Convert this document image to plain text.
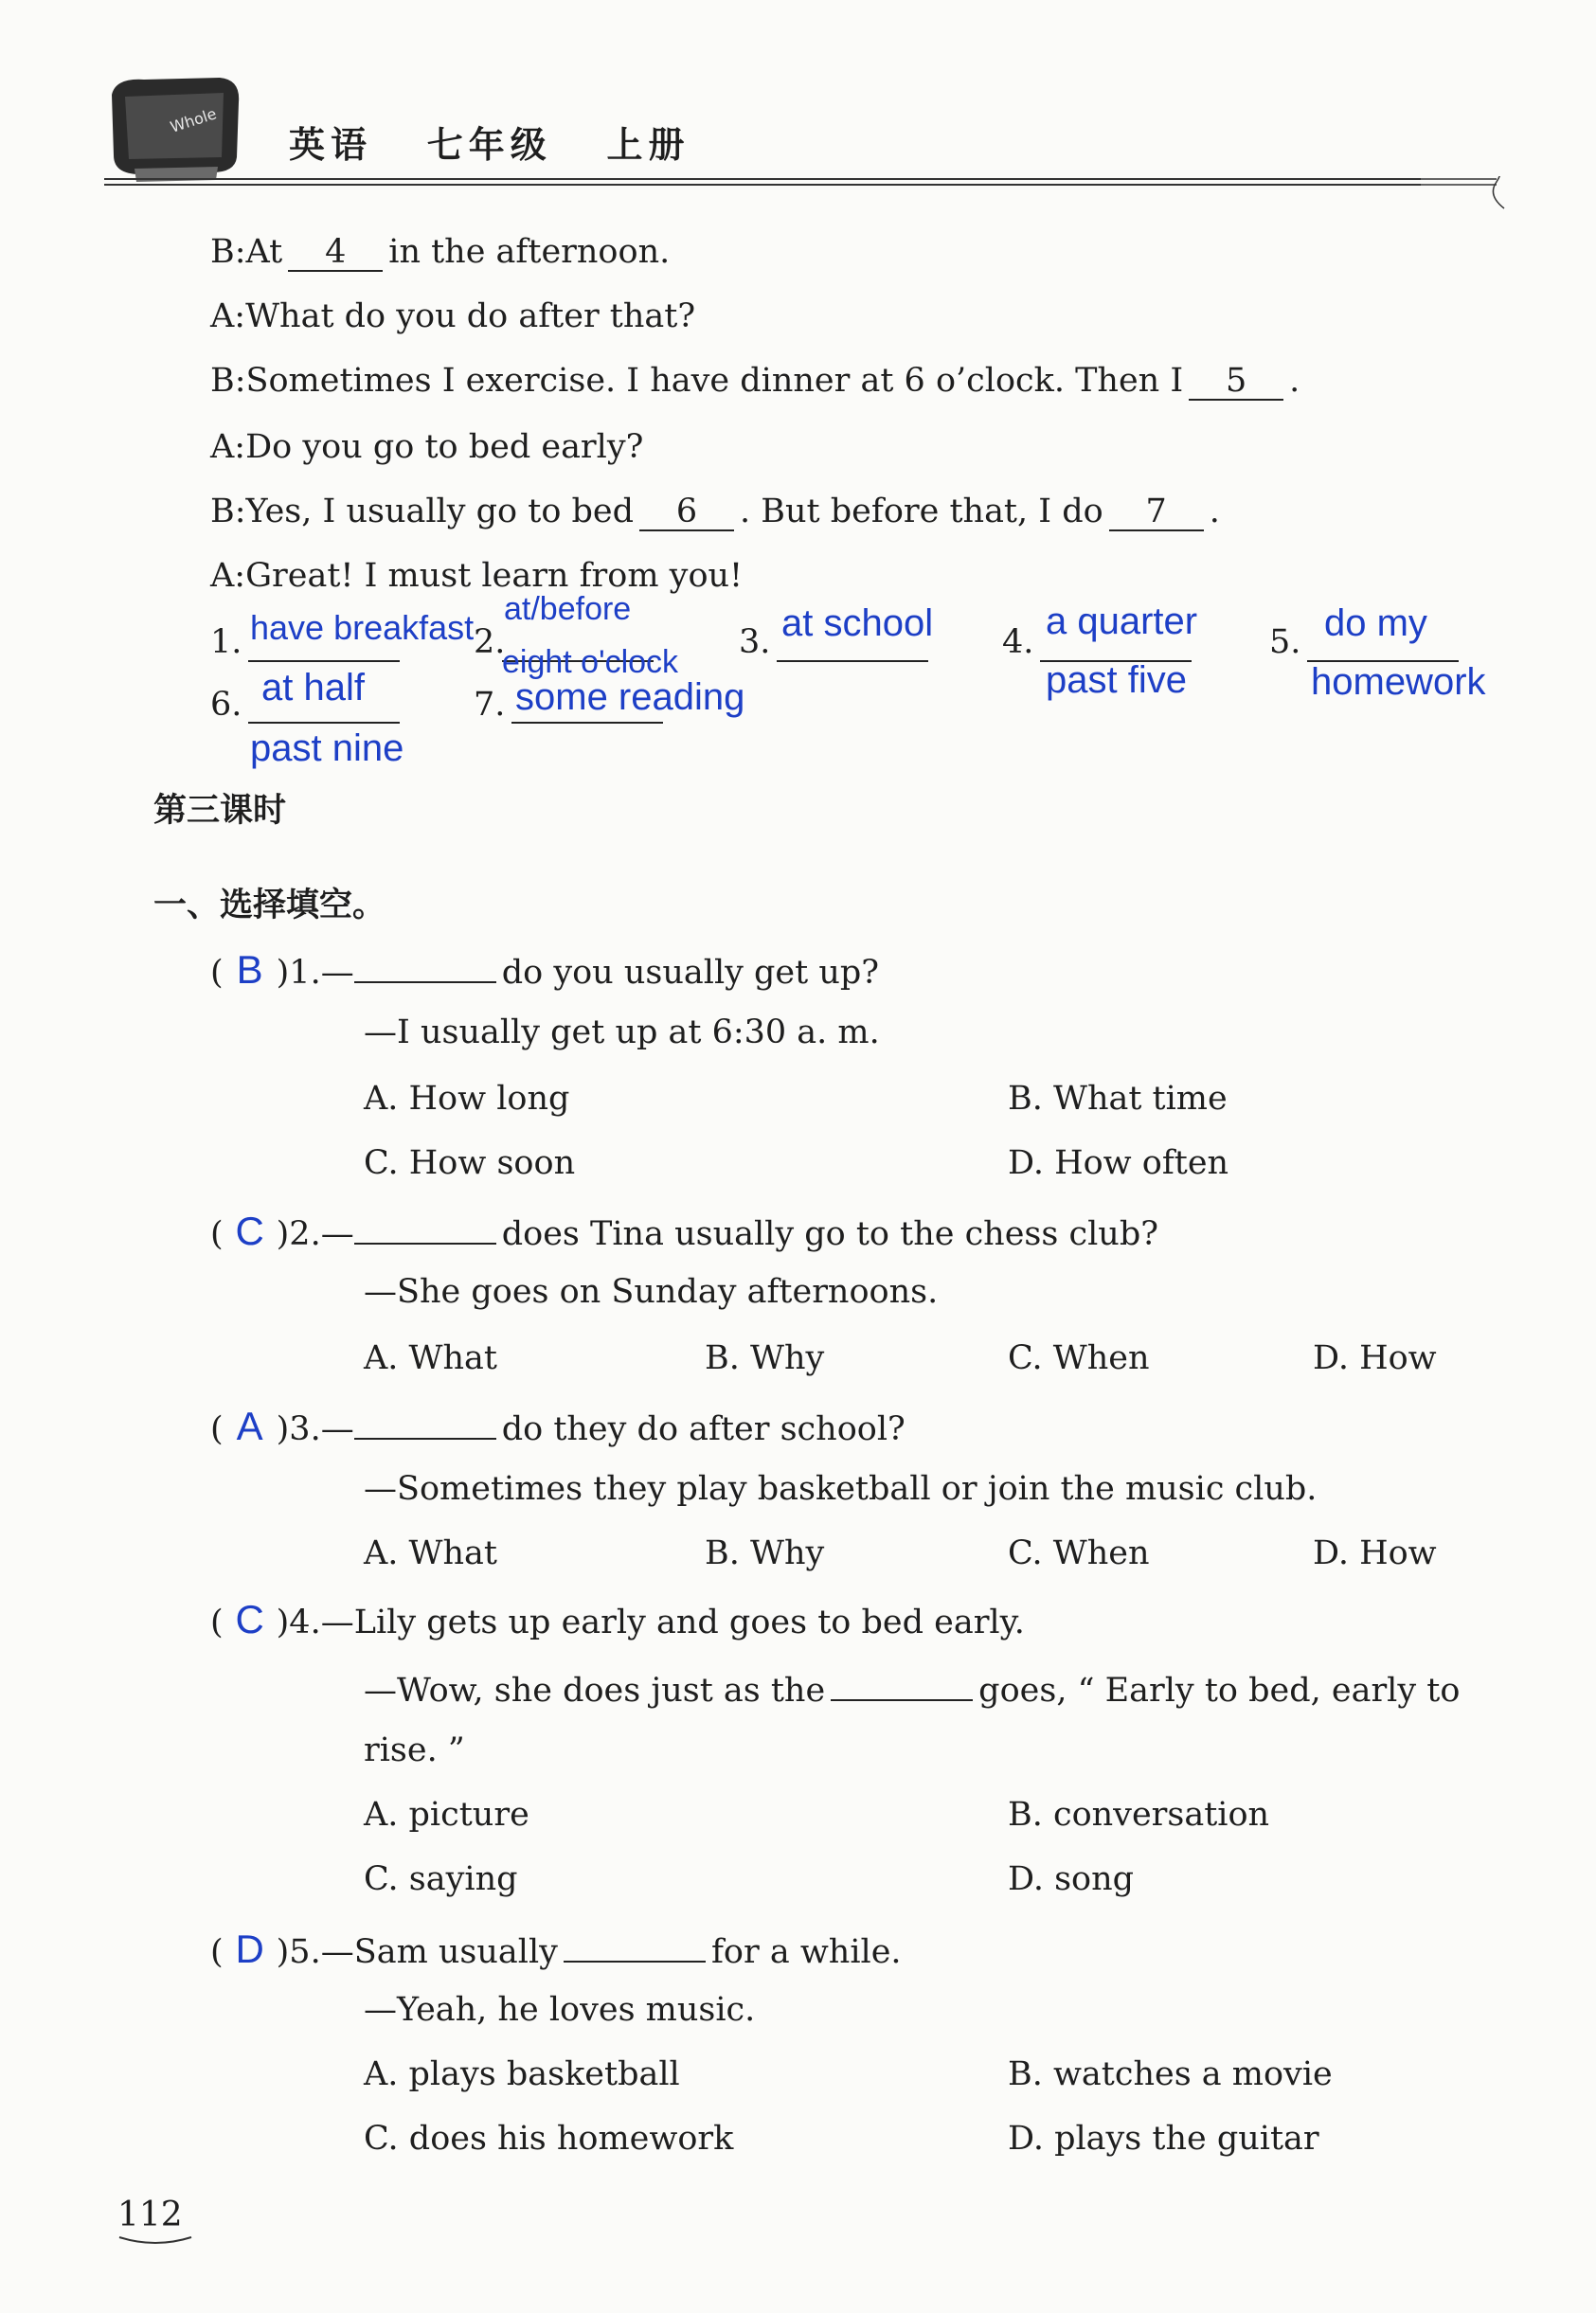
Whole
英语 七年级 上册
B:At 4 in the afternoon.
A:What do you do after that?
B:Sometimes I exercise. I have dinner at 6 o’clock. Then I 5 .
A:Do you go to bed early?
B:Yes, I usually go to bed 6 . But before that, I do 7 .
A:Great! I must learn from you!
1. have breakfast 2.
at/before
eight o'clock
3. at school 4. a quarter
past five
5. do my
homework
6. at half
past nine
7. some reading
第三课时
一、选择填空。
( B )1.—	do you usually get up?
—I usually get up at 6:30 a. m.
A. How long	B. What time
C. How soon	D. How often
( C )2.—	does Tina usually go to the chess club?
—She goes on Sunday afternoons.
A. What	B. Why	C. When	D. How
( A )3.—	do they do after school?
—Sometimes they play basketball or join the music club.
A. What	B. Why	C. When	D. How
( C )4.—Lily gets up early and goes to bed early.
—Wow, she does just as the	goes, “ Early to bed, early to
rise. ”
A. picture	B. conversation
C. saying	D. song
( D )5.—Sam usually	for a while.
—Yeah, he loves music.
A. plays basketball	B. watches a movie
C. does his homework	D. plays the guitar
112
